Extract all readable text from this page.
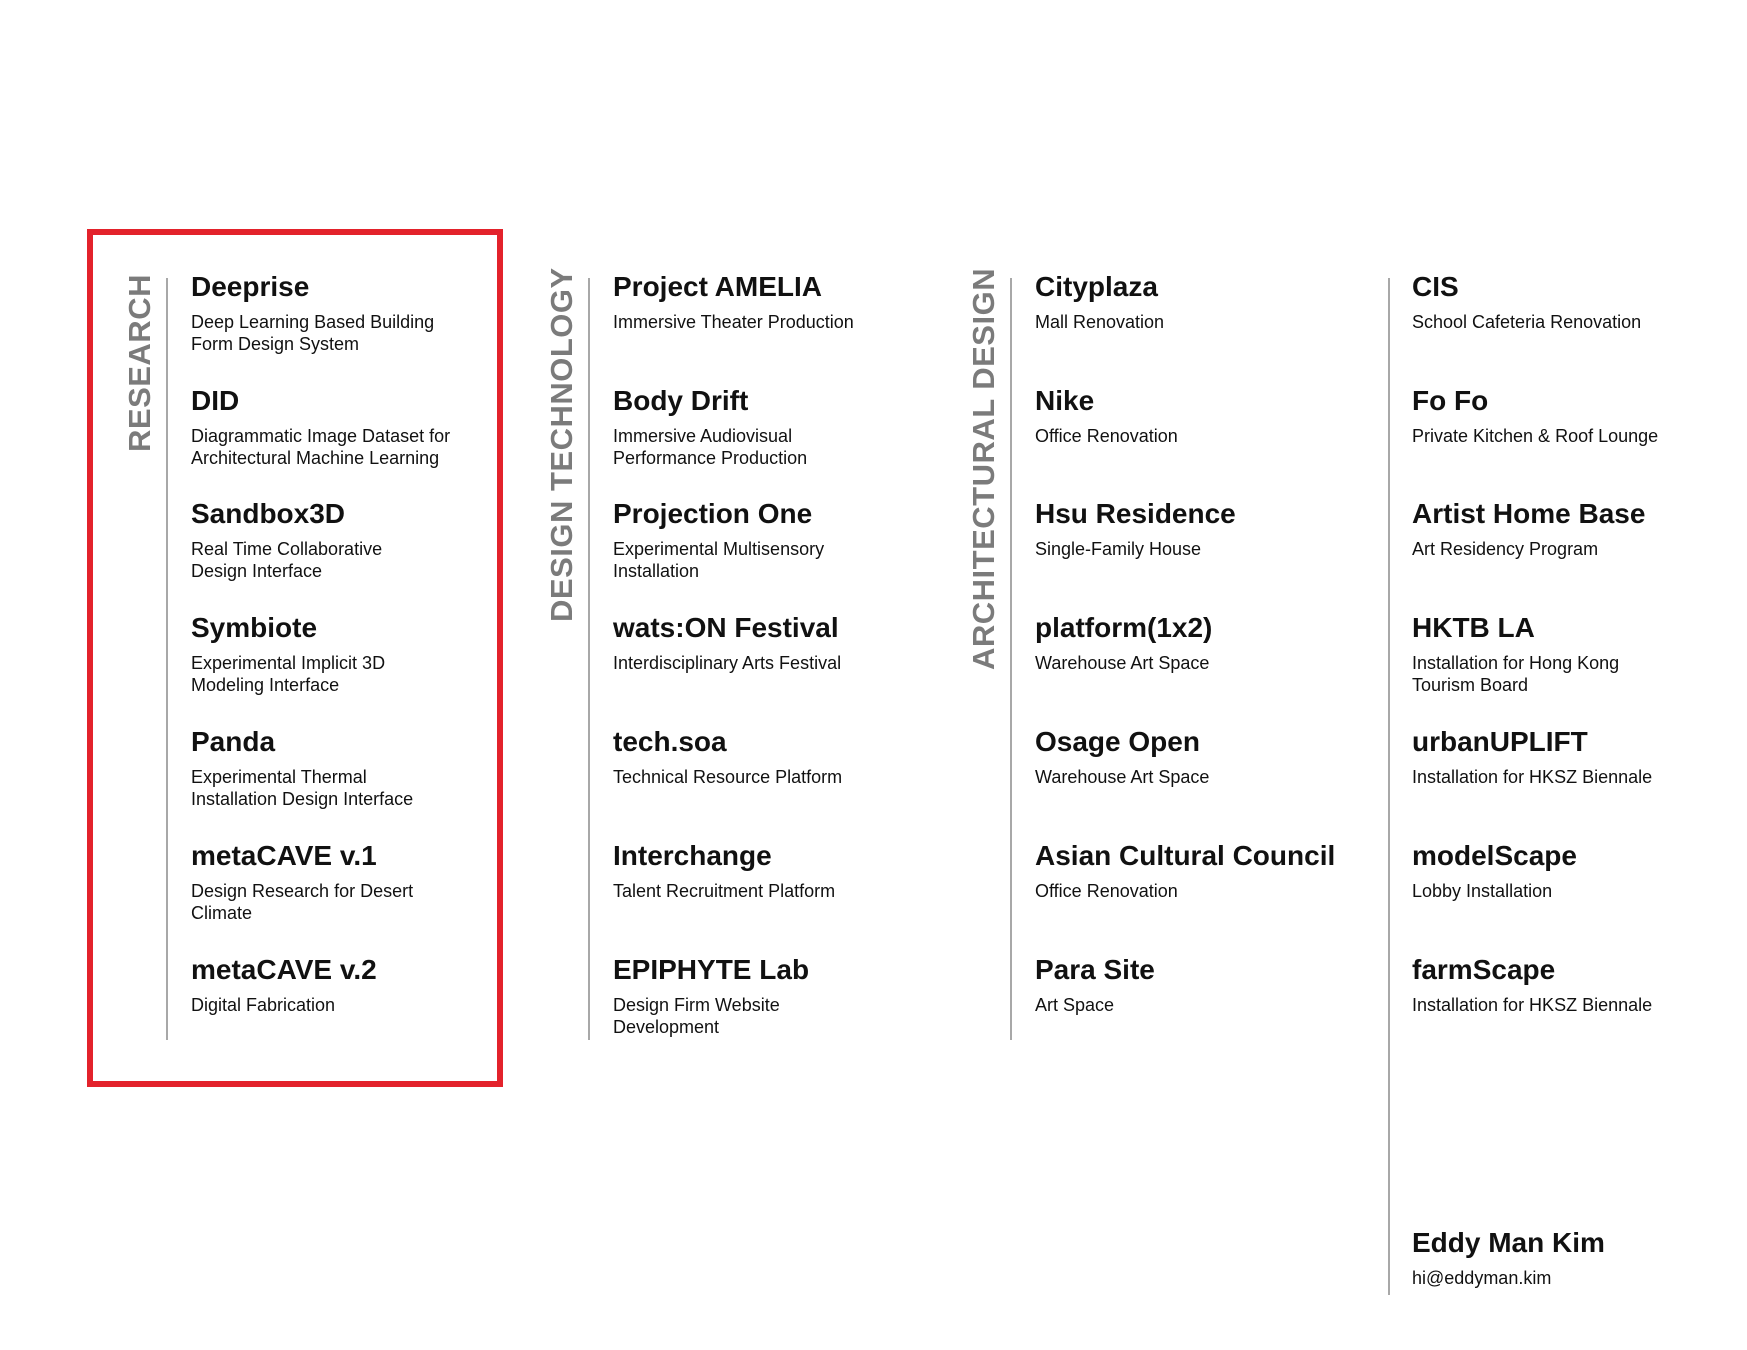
RESEARCH	DESIGN TECHNOLOGY	ARCHITECTURAL DESIGN
Deeprise
Deep Learning Based Building
Form Design System
DID
Diagrammatic Image Dataset for
Architectural Machine Learning
Sandbox3D
Real Time Collaborative
Design Interface
Symbiote
Experimental Implicit 3D
Modeling Interface
Panda
Experimental Thermal
Installation Design Interface
metaCAVE v.1
Design Research for Desert
Climate
metaCAVE v.2
Digital Fabrication
Project AMELIA
Immersive Theater Production
Body Drift
Immersive Audiovisual
Performance Production
Projection One
Experimental Multisensory
Installation
wats:ON Festival
Interdisciplinary Arts Festival
tech.soa
Technical Resource Platform
Interchange
Talent Recruitment Platform
EPIPHYTE Lab
Design Firm Website
Development
Cityplaza
Mall Renovation
Nike
Office Renovation
Hsu Residence
Single-Family House
platform(1x2)
Warehouse Art Space
Osage Open
Warehouse Art Space
Asian Cultural Council
Office Renovation
Para Site
Art Space
CIS
School Cafeteria Renovation
Fo Fo
Private Kitchen & Roof Lounge
Artist Home Base
Art Residency Program
HKTB LA
Installation for Hong Kong
Tourism Board
urbanUPLIFT
Installation for HKSZ Biennale
modelScape
Lobby Installation
farmScape
Installation for HKSZ Biennale
Eddy Man Kim
hi@eddyman.kim
